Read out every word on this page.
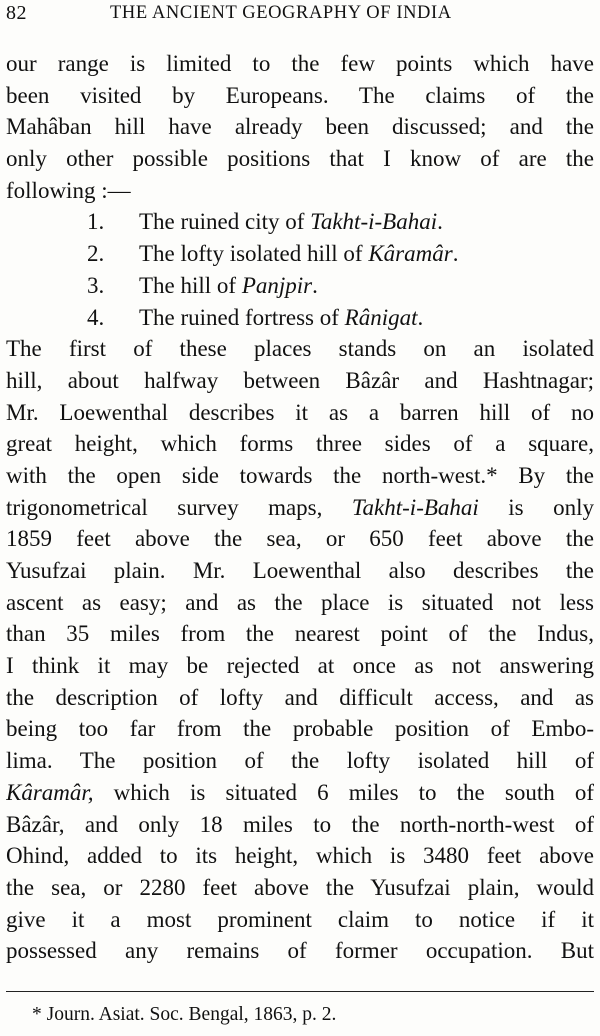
82	THE ANCIENT GEOGRAPHY OF INDIA
our range is limited to the few points which have
been visited by Europeans. The claims of the
Mahâban hill have already been discussed; and the
only other possible positions that I know of are the
following :—
1. The ruined city of Takht-i-Bahai.
2. The lofty isolated hill of Kâramâr.
3. The hill of Panjpir.
4. The ruined fortress of Rânigat.
The first of these places stands on an isolated
hill, about halfway between Bâzâr and Hashtnagar;
Mr. Loewenthal describes it as a barren hill of no
great height, which forms three sides of a square,
with the open side towards the north-west.* By the
trigonometrical survey maps, Takht-i-Bahai is only
1859 feet above the sea, or 650 feet above the
Yusufzai plain. Mr. Loewenthal also describes the
ascent as easy; and as the place is situated not less
than 35 miles from the nearest point of the Indus,
I think it may be rejected at once as not answering
the description of lofty and difficult access, and as
being too far from the probable position of Embo-
lima. The position of the lofty isolated hill of
Kâramâr, which is situated 6 miles to the south of
Bâzâr, and only 18 miles to the north-north-west of
Ohind, added to its height, which is 3480 feet above
the sea, or 2280 feet above the Yusufzai plain, would
give it a most prominent claim to notice if it
possessed any remains of former occupation. But
* Journ. Asiat. Soc. Bengal, 1863, p. 2.
